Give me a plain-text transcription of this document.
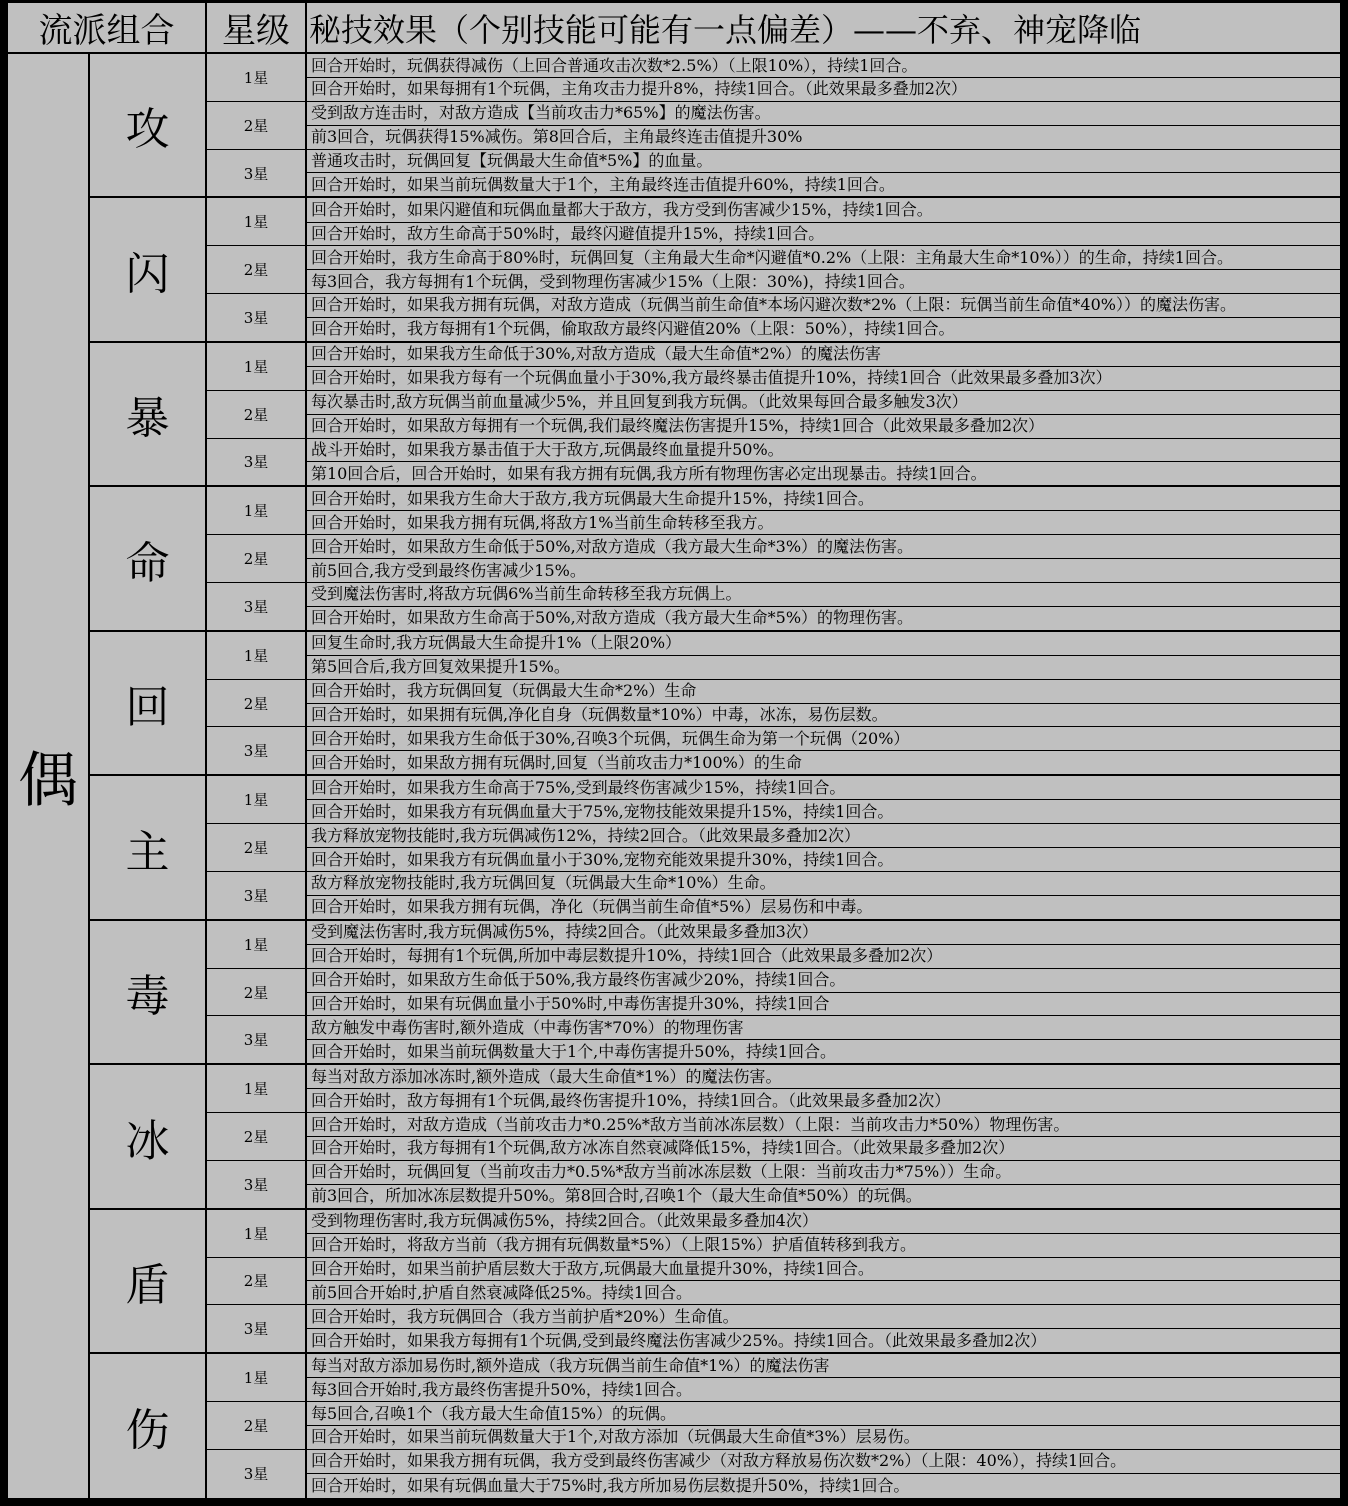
流派组合		星级	秘技效果（个别技能可能有一点偏差）——不弃、神宠降临
偶	攻	1星	回合开始时，玩偶获得减伤（上回合普通攻击次数*2.5%）（上限10%），持续1回合。
			回合开始时，如果每拥有1个玩偶，主角攻击力提升8%，持续1回合。（此效果最多叠加2次）
		2星	受到敌方连击时，对敌方造成【当前攻击力*65%】的魔法伤害。
			前3回合，玩偶获得15%减伤。第8回合后，主角最终连击值提升30%
		3星	普通攻击时，玩偶回复【玩偶最大生命值*5%】的血量。
			回合开始时，如果当前玩偶数量大于1个，主角最终连击值提升60%，持续1回合。
	闪	1星	回合开始时，如果闪避值和玩偶血量都大于敌方，我方受到伤害减少15%，持续1回合。
			回合开始时，敌方生命高于50%时，最终闪避值提升15%，持续1回合。
		2星	回合开始时，我方生命高于80%时，玩偶回复（主角最大生命*闪避值*0.2%（上限：主角最大生命*10%））的生命，持续1回合。
			每3回合，我方每拥有1个玩偶，受到物理伤害减少15%（上限：30%)，持续1回合。
		3星	回合开始时，如果我方拥有玩偶，对敌方造成（玩偶当前生命值*本场闪避次数*2%（上限：玩偶当前生命值*40%））的魔法伤害。
			回合开始时，我方每拥有1个玩偶，偷取敌方最终闪避值20%（上限：50%），持续1回合。
	暴	1星	回合开始时，如果我方生命低于30%,对敌方造成（最大生命值*2%）的魔法伤害
			回合开始时，如果我方每有一个玩偶血量小于30%,我方最终暴击值提升10%，持续1回合（此效果最多叠加3次）
		2星	每次暴击时,敌方玩偶当前血量减少5%，并且回复到我方玩偶。（此效果每回合最多触发3次）
			回合开始时，如果敌方每拥有一个玩偶,我们最终魔法伤害提升15%，持续1回合（此效果最多叠加2次）
		3星	战斗开始时，如果我方暴击值于大于敌方,玩偶最终血量提升50%。
			第10回合后，回合开始时，如果有我方拥有玩偶,我方所有物理伤害必定出现暴击。持续1回合。
	命	1星	回合开始时，如果我方生命大于敌方,我方玩偶最大生命提升15%，持续1回合。
			回合开始时，如果我方拥有玩偶,将敌方1%当前生命转移至我方。
		2星	回合开始时，如果敌方生命低于50%,对敌方造成（我方最大生命*3%）的魔法伤害。
			前5回合,我方受到最终伤害减少15%。
		3星	受到魔法伤害时,将敌方玩偶6%当前生命转移至我方玩偶上。
			回合开始时，如果敌方生命高于50%,对敌方造成（我方最大生命*5%）的物理伤害。
	回	1星	回复生命时,我方玩偶最大生命提升1%（上限20%）
			第5回合后,我方回复效果提升15%。
		2星	回合开始时，我方玩偶回复（玩偶最大生命*2%）生命
			回合开始时，如果拥有玩偶,净化自身（玩偶数量*10%）中毒，冰冻，易伤层数。
		3星	回合开始时，如果我方生命低于30%,召唤3个玩偶，玩偶生命为第一个玩偶（20%）
			回合开始时，如果敌方拥有玩偶时,回复（当前攻击力*100%）的生命
	主	1星	回合开始时，如果我方生命高于75%,受到最终伤害减少15%，持续1回合。
			回合开始时，如果我方有玩偶血量大于75%,宠物技能效果提升15%，持续1回合。
		2星	我方释放宠物技能时,我方玩偶减伤12%，持续2回合。（此效果最多叠加2次）
			回合开始时，如果我方有玩偶血量小于30%,宠物充能效果提升30%，持续1回合。
		3星	敌方释放宠物技能时,我方玩偶回复（玩偶最大生命*10%）生命。
			回合开始时，如果我方拥有玩偶，净化（玩偶当前生命值*5%）层易伤和中毒。
	毒	1星	受到魔法伤害时,我方玩偶减伤5%，持续2回合。（此效果最多叠加3次）
			回合开始时，每拥有1个玩偶,所加中毒层数提升10%，持续1回合（此效果最多叠加2次）
		2星	回合开始时，如果敌方生命低于50%,我方最终伤害减少20%，持续1回合。
			回合开始时，如果有玩偶血量小于50%时,中毒伤害提升30%，持续1回合
		3星	敌方触发中毒伤害时,额外造成（中毒伤害*70%）的物理伤害
			回合开始时，如果当前玩偶数量大于1个,中毒伤害提升50%，持续1回合。
	冰	1星	每当对敌方添加冰冻时,额外造成（最大生命值*1%）的魔法伤害。
			回合开始时，敌方每拥有1个玩偶,最终伤害提升10%，持续1回合。（此效果最多叠加2次）
		2星	回合开始时，对敌方造成（当前攻击力*0.25%*敌方当前冰冻层数）（上限：当前攻击力*50%）物理伤害。
			回合开始时，我方每拥有1个玩偶,敌方冰冻自然衰减降低15%，持续1回合。（此效果最多叠加2次）
		3星	回合开始时，玩偶回复（当前攻击力*0.5%*敌方当前冰冻层数（上限：当前攻击力*75%））生命。
			前3回合，所加冰冻层数提升50%。第8回合时,召唤1个（最大生命值*50%）的玩偶。
	盾	1星	受到物理伤害时,我方玩偶减伤5%，持续2回合。（此效果最多叠加4次）
			回合开始时，将敌方当前（我方拥有玩偶数量*5%）（上限15%）护盾值转移到我方。
		2星	回合开始时，如果当前护盾层数大于敌方,玩偶最大血量提升30%，持续1回合。
			前5回合开始时,护盾自然衰减降低25%。持续1回合。
		3星	回合开始时，我方玩偶回合（我方当前护盾*20%）生命值。
			回合开始时，如果我方每拥有1个玩偶,受到最终魔法伤害减少25%。持续1回合。（此效果最多叠加2次）
	伤	1星	每当对敌方添加易伤时,额外造成（我方玩偶当前生命值*1%）的魔法伤害
			每3回合开始时,我方最终伤害提升50%，持续1回合。
		2星	每5回合,召唤1个（我方最大生命值15%）的玩偶。
			回合开始时，如果当前玩偶数量大于1个,对敌方添加（玩偶最大生命值*3%）层易伤。
		3星	回合开始时，如果我方拥有玩偶，我方受到最终伤害减少（对敌方释放易伤次数*2%）（上限：40%），持续1回合。
			回合开始时，如果有玩偶血量大于75%时,我方所加易伤层数提升50%，持续1回合。
